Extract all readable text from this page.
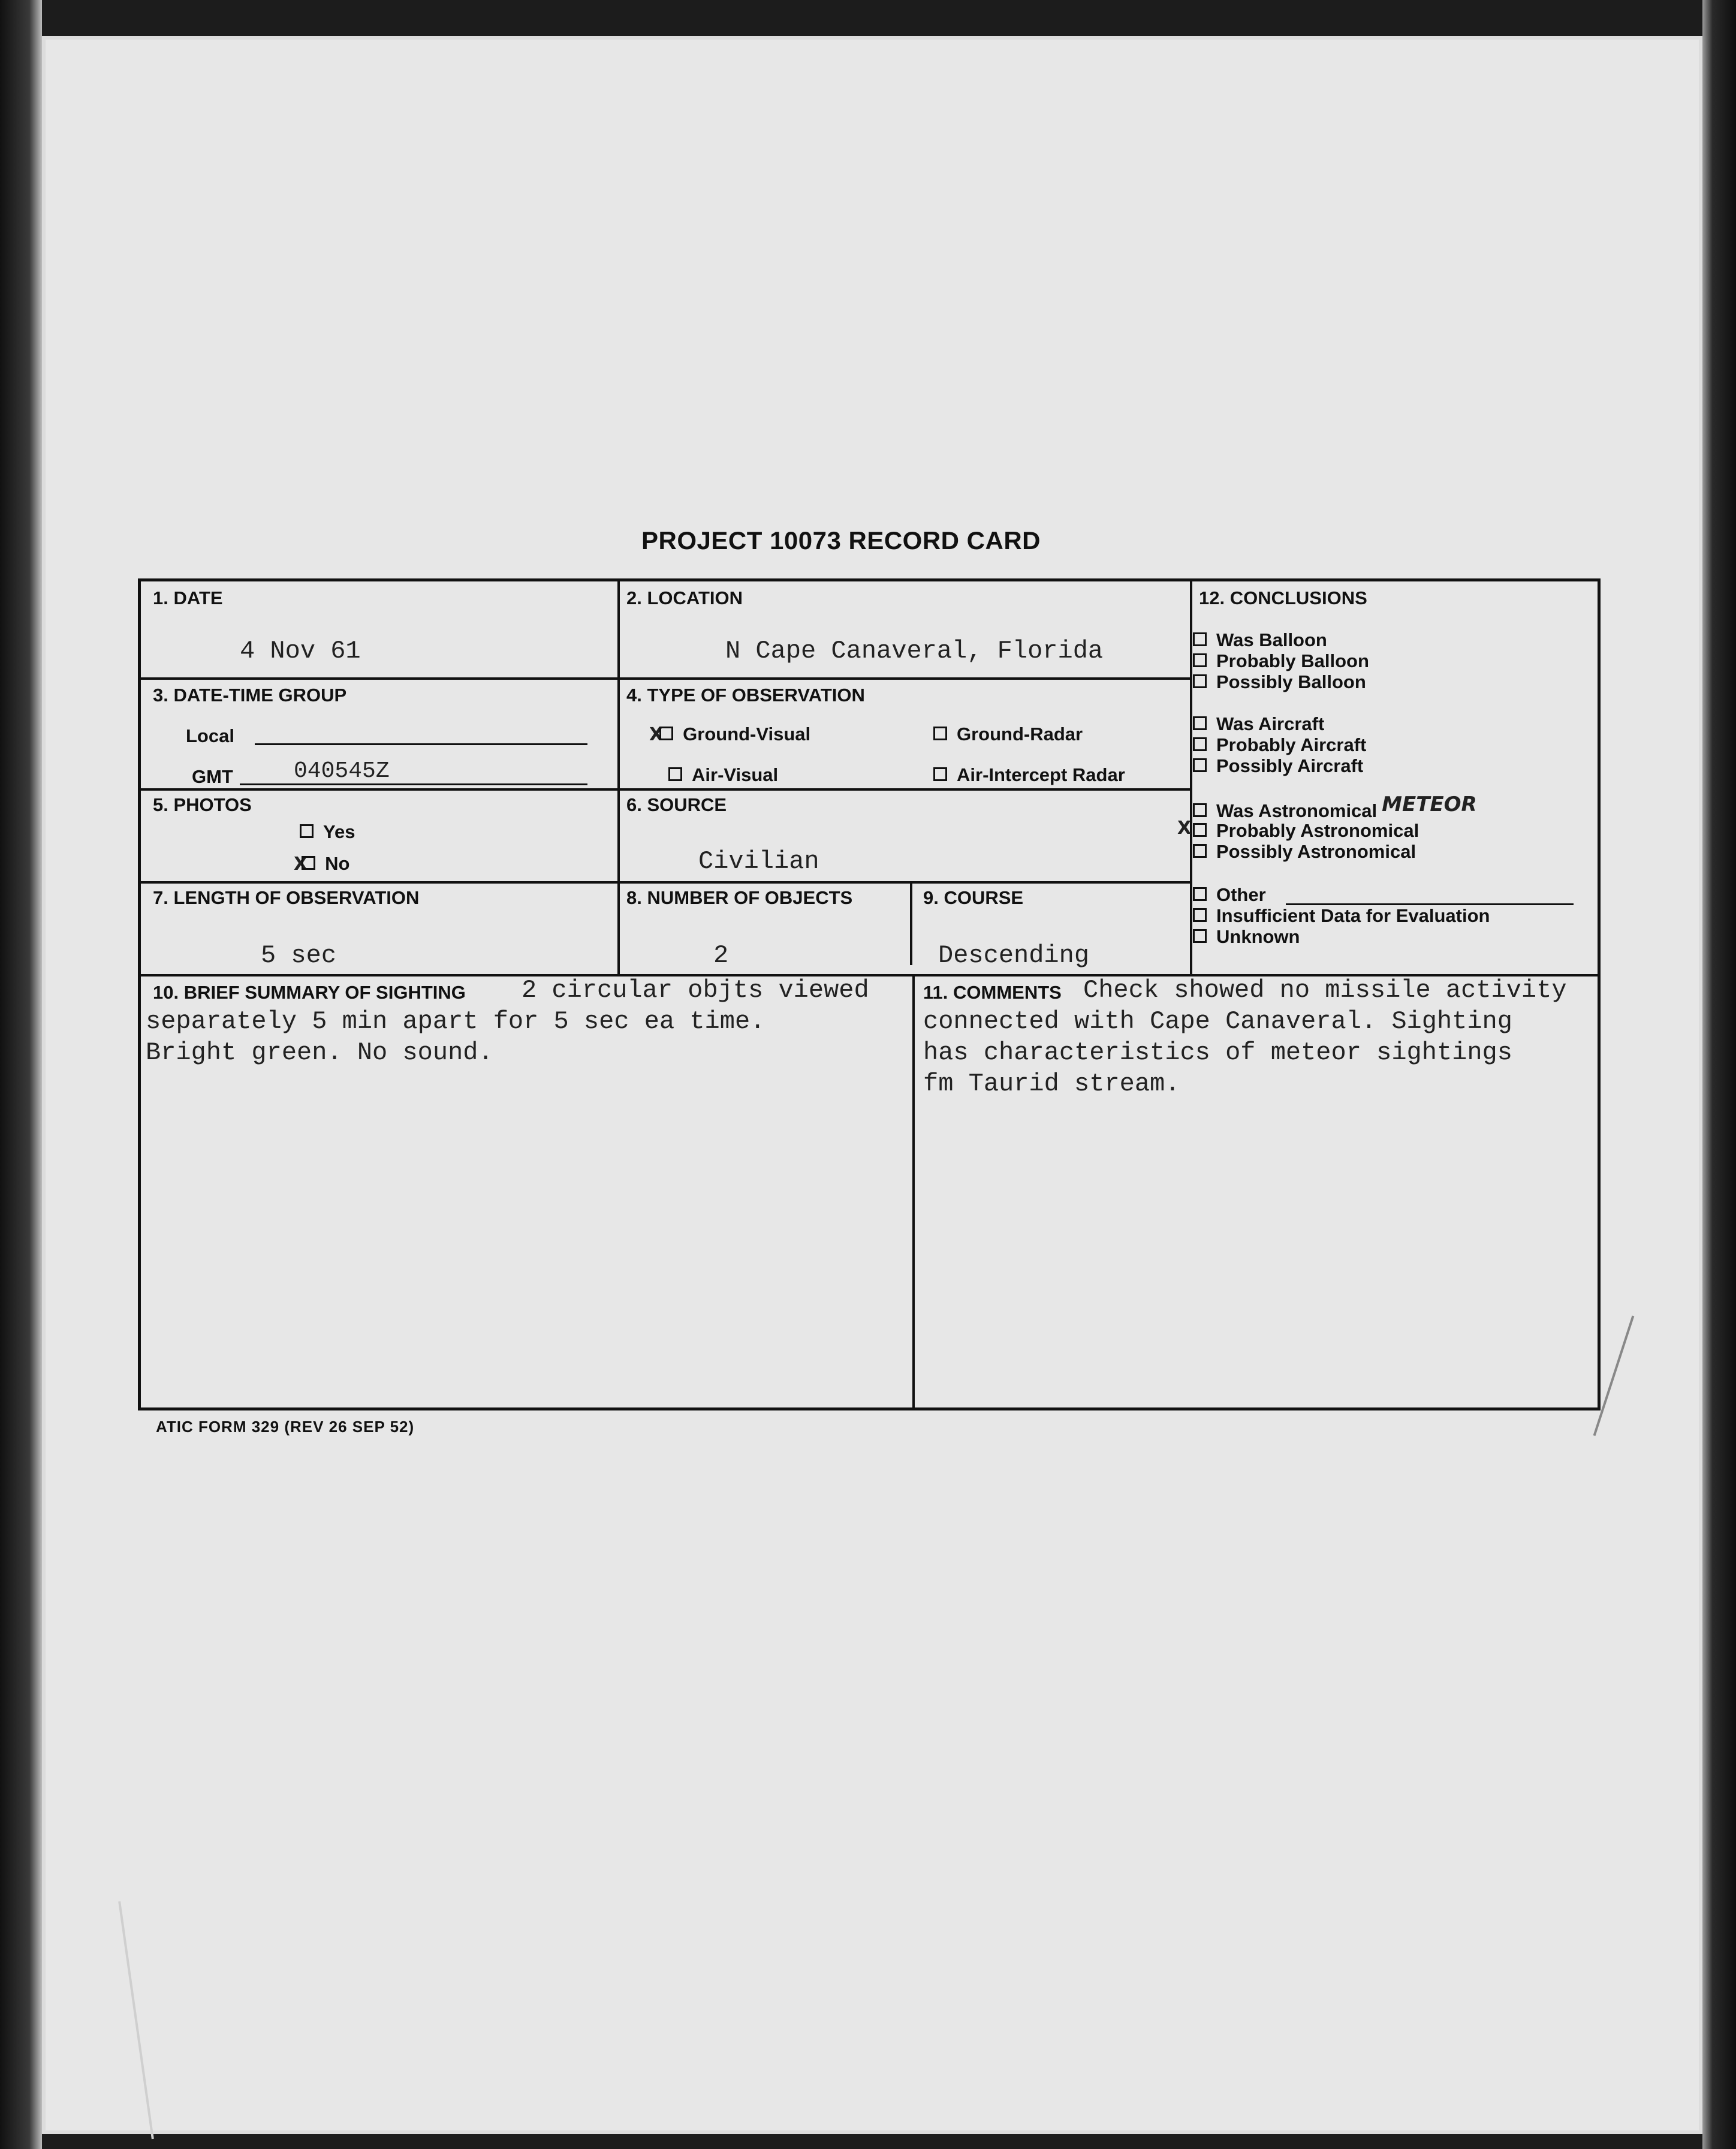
PROJECT 10073 RECORD CARD
1. DATE
4 Nov 61
2. LOCATION
N Cape Canaveral, Florida
3. DATE-TIME GROUP
Local
GMT	040545Z
4. TYPE OF OBSERVATION
X Ground-Visual	Ground-Radar
Air-Visual	Air-Intercept Radar
5. PHOTOS
Yes
X No
6. SOURCE
Civilian
7. LENGTH OF OBSERVATION
5 sec
8. NUMBER OF OBJECTS
2
9. COURSE
Descending
12. CONCLUSIONS
10. BRIEF SUMMARY OF SIGHTING 2 circular objts viewed
separately 5 min apart for 5 sec ea time.
Bright green. No sound.
11. COMMENTS Check showed no missile activity
connected with Cape Canaveral. Sighting
has characteristics of meteor sightings
fm Taurid stream.
Was Balloon
Probably Balloon
Possibly Balloon
Was Aircraft
Probably Aircraft
Possibly Aircraft
Was Astronomical METEOR
X Probably Astronomical
Possibly Astronomical
Other
Insufficient Data for Evaluation
Unknown
ATIC FORM 329 (REV 26 SEP 52)
